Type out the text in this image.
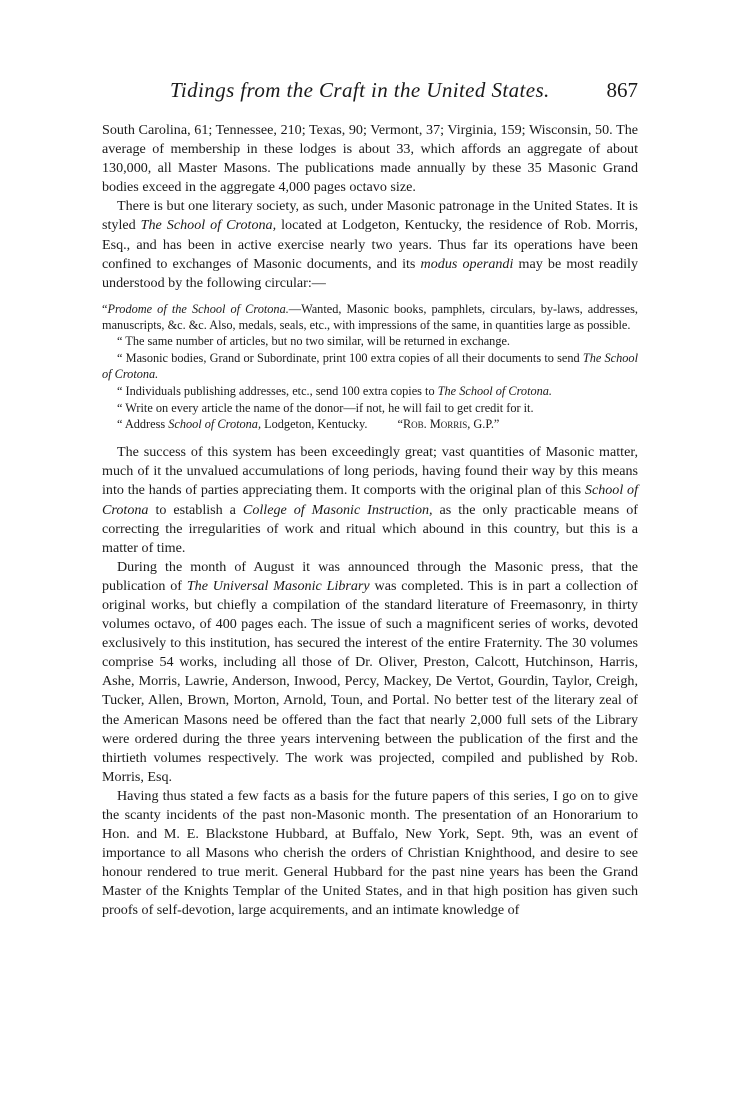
Tidings from the Craft in the United States.	867

South Carolina, 61; Tennessee, 210; Texas, 90; Vermont, 37; Virginia, 159; Wisconsin, 50. The average of membership in these lodges is about 33, which affords an aggregate of about 130,000, all Master Masons. The publications made annually by these 35 Masonic Grand bodies exceed in the aggregate 4,000 pages octavo size.

There is but one literary society, as such, under Masonic patronage in the United States. It is styled The School of Crotona, located at Lodgeton, Kentucky, the residence of Rob. Morris, Esq., and has been in active exercise nearly two years. Thus far its operations have been confined to exchanges of Masonic documents, and its modus operandi may be most readily understood by the following circular:—

“Prodome of the School of Crotona.—Wanted, Masonic books, pamphlets, circulars, by-laws, addresses, manuscripts, &c. &c. Also, medals, seals, etc., with impressions of the same, in quantities large as possible.

“ The same number of articles, but no two similar, will be returned in exchange.

“ Masonic bodies, Grand or Subordinate, print 100 extra copies of all their documents to send The School of Crotona.

“ Individuals publishing addresses, etc., send 100 extra copies to The School of Crotona.

“ Write on every article the name of the donor—if not, he will fail to get credit for it.

“ Address School of Crotona, Lodgeton, Kentucky. “Rob. Morris, G.P.”

The success of this system has been exceedingly great; vast quantities of Masonic matter, much of it the unvalued accumulations of long periods, having found their way by this means into the hands of parties appreciating them. It comports with the original plan of this School of Crotona to establish a College of Masonic Instruction, as the only practicable means of correcting the irregularities of work and ritual which abound in this country, but this is a matter of time.

During the month of August it was announced through the Masonic press, that the publication of The Universal Masonic Library was completed. This is in part a collection of original works, but chiefly a compilation of the standard literature of Freemasonry, in thirty volumes octavo, of 400 pages each. The issue of such a magnificent series of works, devoted exclusively to this institution, has secured the interest of the entire Fraternity. The 30 volumes comprise 54 works, including all those of Dr. Oliver, Preston, Calcott, Hutchinson, Harris, Ashe, Morris, Lawrie, Anderson, Inwood, Percy, Mackey, De Vertot, Gourdin, Taylor, Creigh, Tucker, Allen, Brown, Morton, Arnold, Toun, and Portal. No better test of the literary zeal of the American Masons need be offered than the fact that nearly 2,000 full sets of the Library were ordered during the three years intervening between the publication of the first and the thirtieth volumes respectively. The work was projected, compiled and published by Rob. Morris, Esq.

Having thus stated a few facts as a basis for the future papers of this series, I go on to give the scanty incidents of the past non-Masonic month. The presentation of an Honorarium to Hon. and M. E. Blackstone Hubbard, at Buffalo, New York, Sept. 9th, was an event of importance to all Masons who cherish the orders of Christian Knighthood, and desire to see honour rendered to true merit. General Hubbard for the past nine years has been the Grand Master of the Knights Templar of the United States, and in that high position has given such proofs of self-devotion, large acquirements, and an intimate knowledge of
